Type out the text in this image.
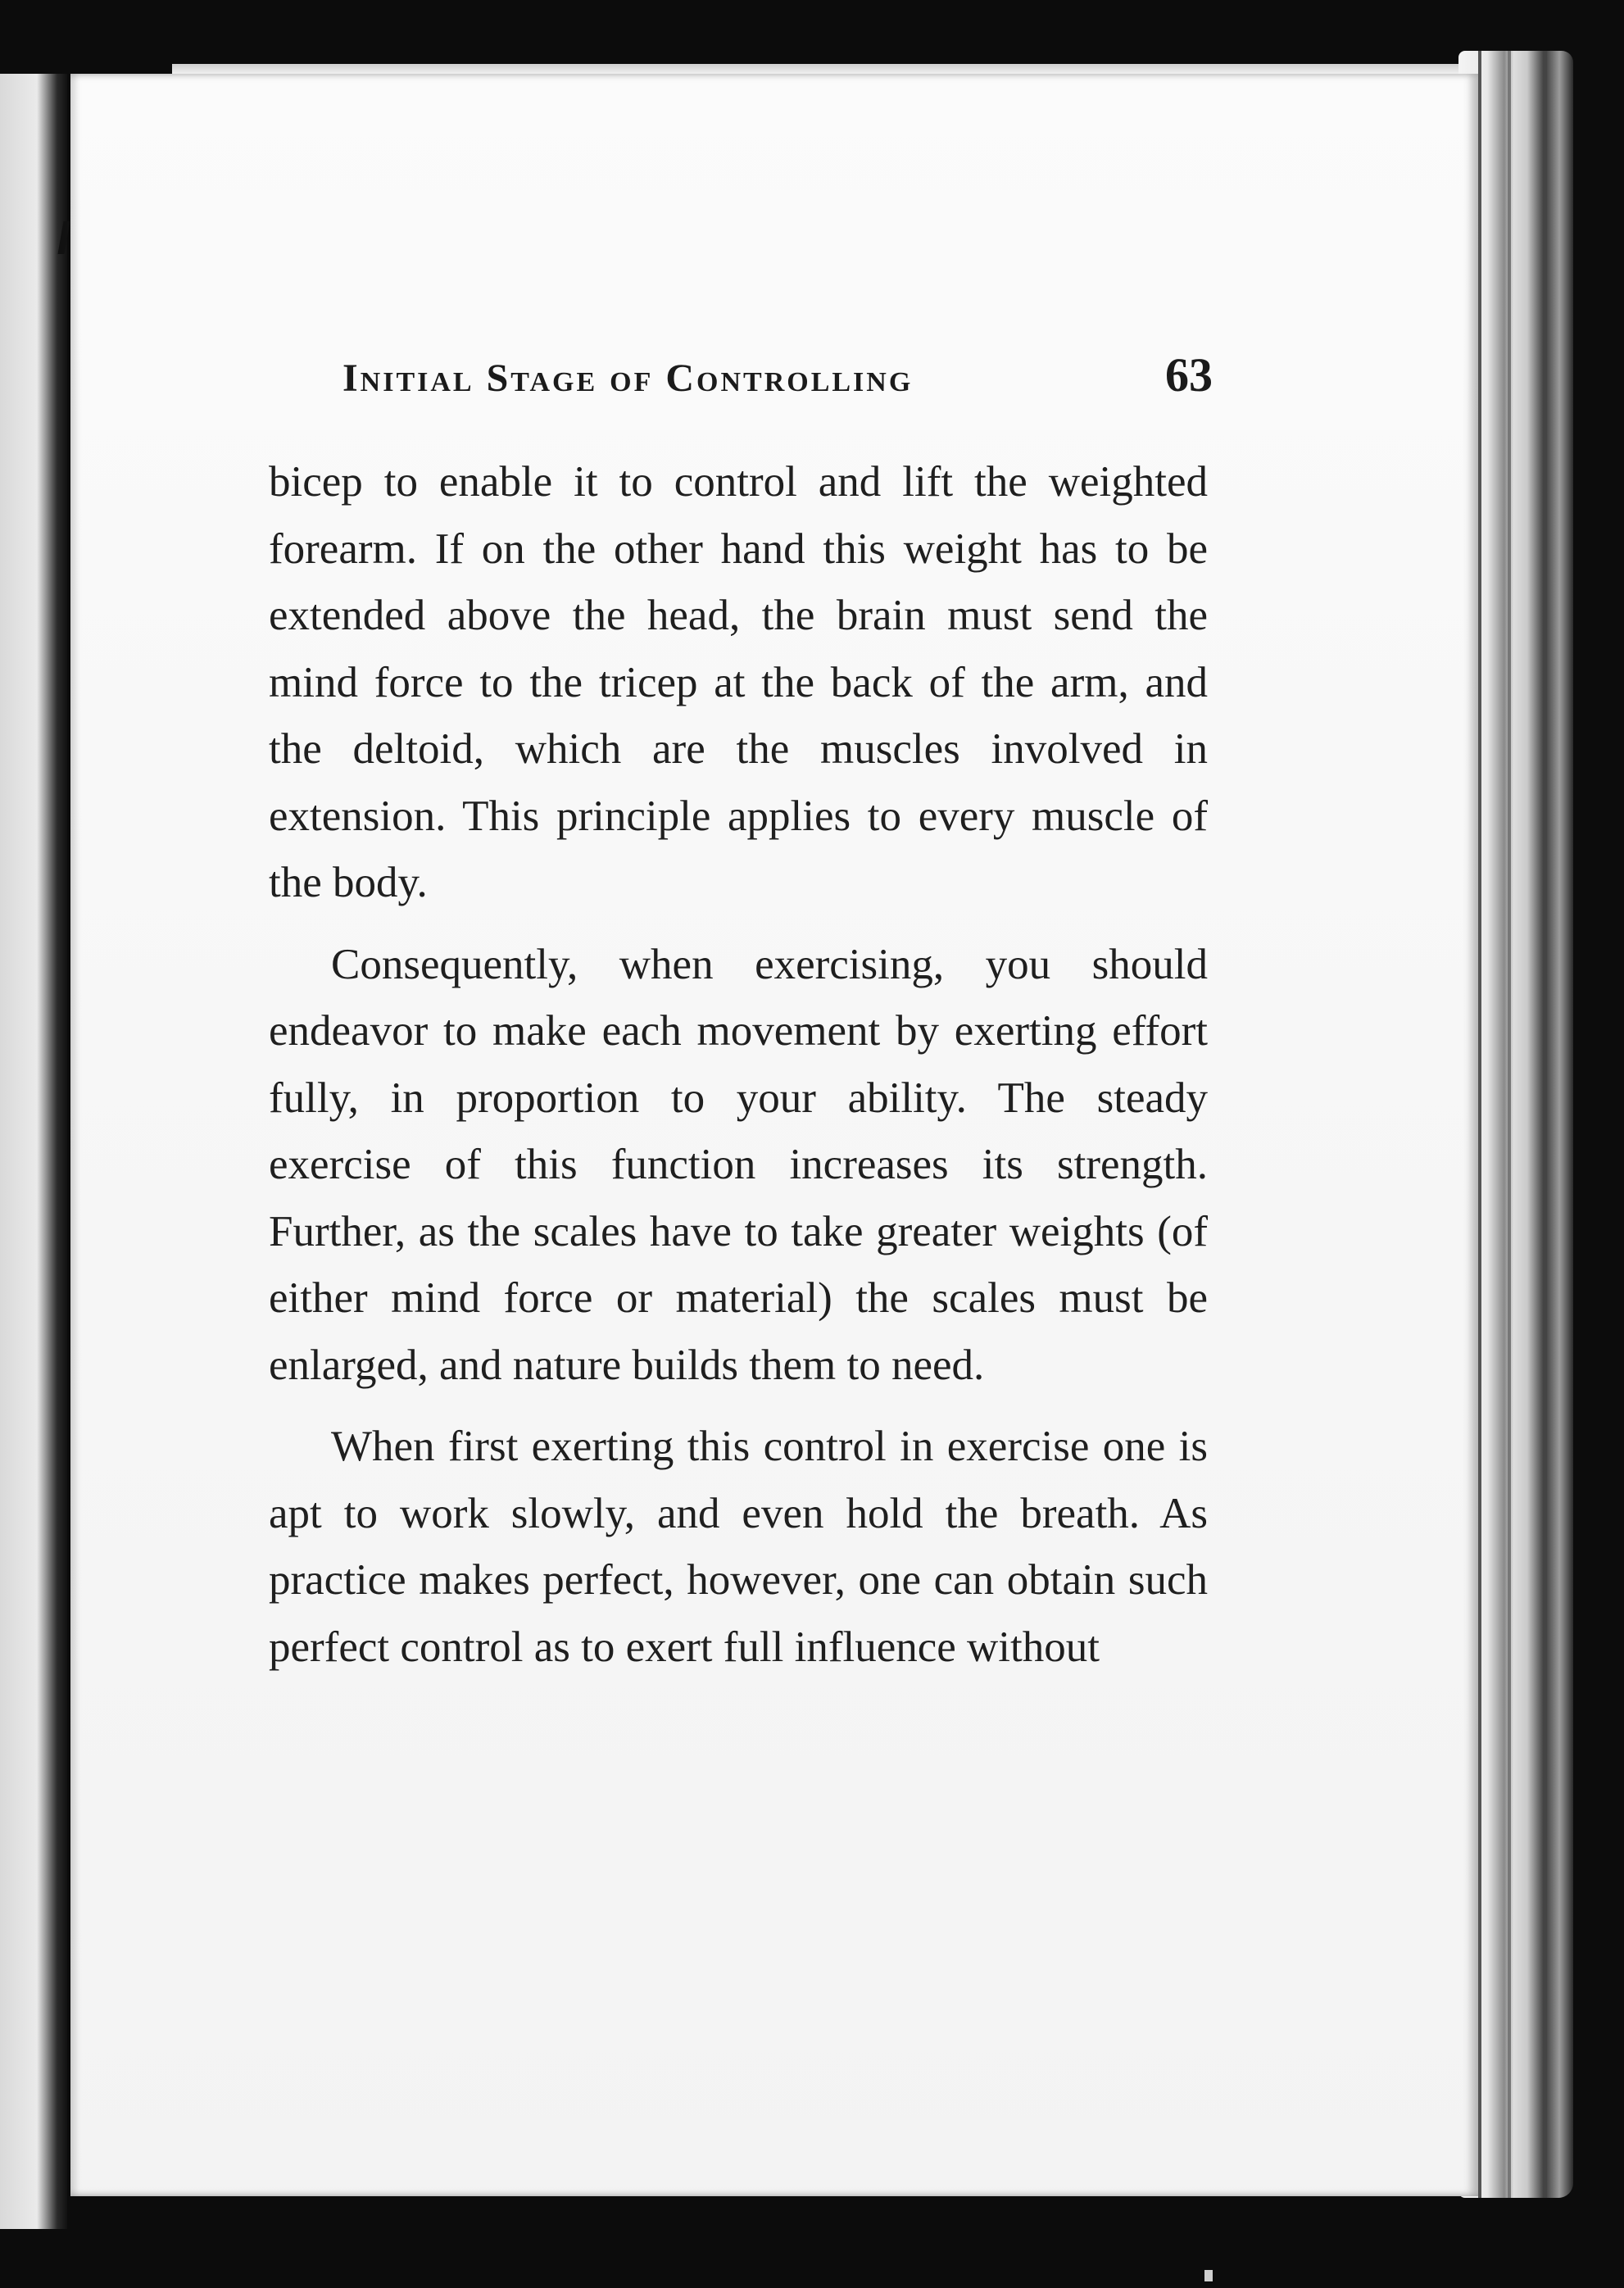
Initial Stage of Controlling	63

bicep to enable it to control and lift the weighted forearm. If on the other hand this weight has to be extended above the head, the brain must send the mind force to the tricep at the back of the arm, and the deltoid, which are the muscles involved in extension. This principle applies to every muscle of the body.

Consequently, when exercising, you should endeavor to make each movement by exerting effort fully, in proportion to your ability. The steady exercise of this function increases its strength. Further, as the scales have to take greater weights (of either mind force or material) the scales must be enlarged, and nature builds them to need.

When first exerting this control in exercise one is apt to work slowly, and even hold the breath. As practice makes perfect, however, one can obtain such perfect control as to exert full influence without
